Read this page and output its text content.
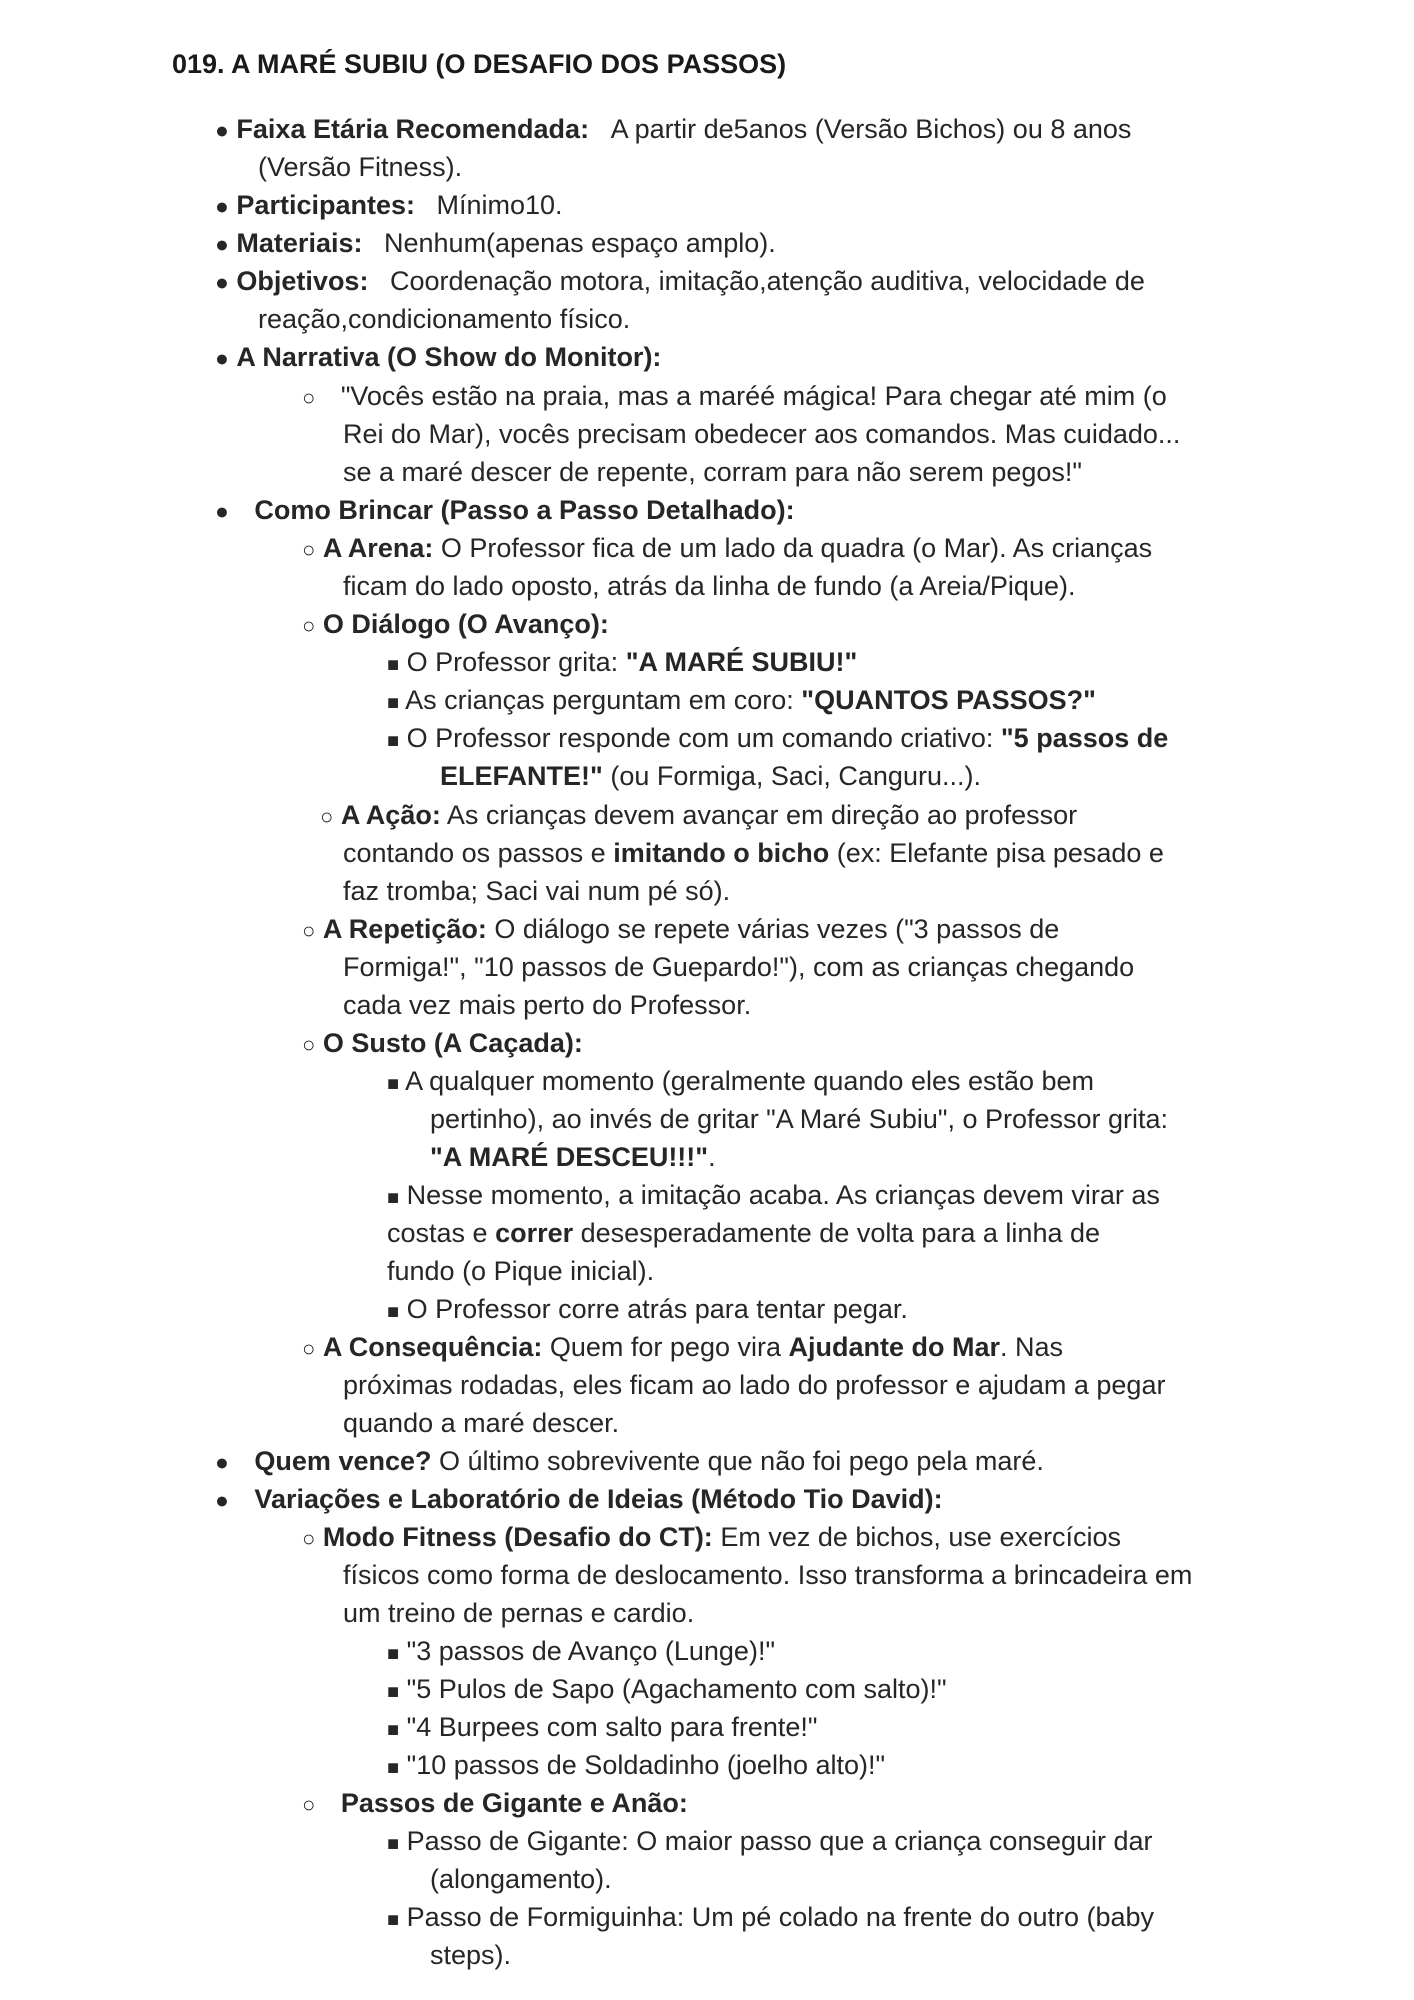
019. A MARÉ SUBIU (O DESAFIO DOS PASSOS)
● Faixa Etária Recomendada: A partir de5anos (Versão Bichos) ou 8 anos
(Versão Fitness).
● Participantes: Mínimo10.
● Materiais: Nenhum(apenas espaço amplo).
● Objetivos: Coordenação motora, imitação,atenção auditiva, velocidade de
reação,condicionamento físico.
● A Narrativa (O Show do Monitor):
○ "Vocês estão na praia, mas a maréé mágica! Para chegar até mim (o
Rei do Mar), vocês precisam obedecer aos comandos. Mas cuidado...
se a maré descer de repente, corram para não serem pegos!"
● Como Brincar (Passo a Passo Detalhado):
○ A Arena: O Professor fica de um lado da quadra (o Mar). As crianças
ficam do lado oposto, atrás da linha de fundo (a Areia/Pique).
○ O Diálogo (O Avanço):
■ O Professor grita: "A MARÉ SUBIU!"
■ As crianças perguntam em coro: "QUANTOS PASSOS?"
■ O Professor responde com um comando criativo: "5 passos de
ELEFANTE!" (ou Formiga, Saci, Canguru...).
○ A Ação: As crianças devem avançar em direção ao professor
contando os passos e imitando o bicho (ex: Elefante pisa pesado e
faz tromba; Saci vai num pé só).
○ A Repetição: O diálogo se repete várias vezes ("3 passos de
Formiga!", "10 passos de Guepardo!"), com as crianças chegando
cada vez mais perto do Professor.
○ O Susto (A Caçada):
■ A qualquer momento (geralmente quando eles estão bem
pertinho), ao invés de gritar "A Maré Subiu", o Professor grita:
"A MARÉ DESCEU!!!".
■ Nesse momento, a imitação acaba. As crianças devem virar as
costas e correr desesperadamente de volta para a linha de
fundo (o Pique inicial).
■ O Professor corre atrás para tentar pegar.
○ A Consequência: Quem for pego vira Ajudante do Mar. Nas
próximas rodadas, eles ficam ao lado do professor e ajudam a pegar
quando a maré descer.
● Quem vence? O último sobrevivente que não foi pego pela maré.
● Variações e Laboratório de Ideias (Método Tio David):
○ Modo Fitness (Desafio do CT): Em vez de bichos, use exercícios
físicos como forma de deslocamento. Isso transforma a brincadeira em
um treino de pernas e cardio.
■ "3 passos de Avanço (Lunge)!"
■ "5 Pulos de Sapo (Agachamento com salto)!"
■ "4 Burpees com salto para frente!"
■ "10 passos de Soldadinho (joelho alto)!"
○ Passos de Gigante e Anão:
■ Passo de Gigante: O maior passo que a criança conseguir dar
(alongamento).
■ Passo de Formiguinha: Um pé colado na frente do outro (baby
steps).
